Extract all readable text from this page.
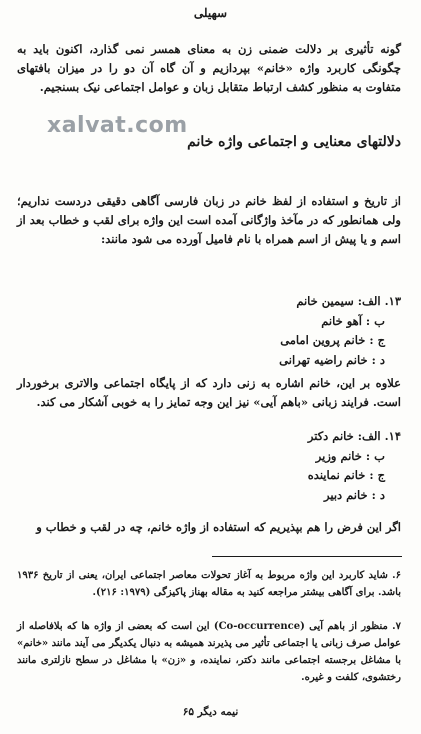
سهیلی
گونه تأثیری بر دلالت ضمنی زن به معنای همسر نمی گذارد، اکنون باید به چگونگی کاربرد واژه «خانم» بپردازیم و آن گاه آن دو را در میزان بافتهای متفاوت به منظور کشف ارتباط متقابل زبان و عوامل اجتماعی نیک بسنجیم.
xalvat.com
دلالتهای معنایی و اجتماعی واژه خانم
از تاریخ و استفاده از لفظ خانم در زبان فارسی آگاهی دقیقی دردست نداریم؛ ولی همانطور که در مآخذ واژگانی آمده است این واژه برای لقب و خطاب بعد از اسم و یا پیش از اسم همراه با نام فامیل آورده می شود مانند:
۱۳. الف: سیمین خانم
ب : آهو خانم
ج : خانم پروین امامی
د : خانم راضیه تهرانی
علاوه بر این، خانم اشاره به زنی دارد که از پایگاه اجتماعی والاتری برخوردار است. فرایند زبانی «باهم آیی» نیز این وجه تمایز را به خوبی آشکار می کند.
۱۴. الف: خانم دکتر
ب : خانم وزیر
ج : خانم نماینده
د : خانم دبیر
اگر این فرض را هم بپذیریم که استفاده از واژه خانم، چه در لقب و خطاب و
۶. شاید کاربرد این واژه مربوط به آغاز تحولات معاصر اجتماعی ایران، یعنی از تاریخ ۱۹۳۶ باشد. برای آگاهی بیشتر مراجعه کنید به مقاله بهناز پاکیزگی (۱۹۷۹: ۲۱۶).
۷. منظور از باهم آیی (Co-occurrence) این است که بعضی از واژه ها که بلافاصله از عوامل صرف زبانی یا اجتماعی تأثیر می پذیرند همیشه به دنبال یکدیگر می آیند مانند «خانم» با مشاغل برجسته اجتماعی مانند دکتر، نماینده، و «زن» با مشاغل در سطح نازلتری مانند رختشوی، کلفت و غیره.
نیمه دیگر ۶۵
